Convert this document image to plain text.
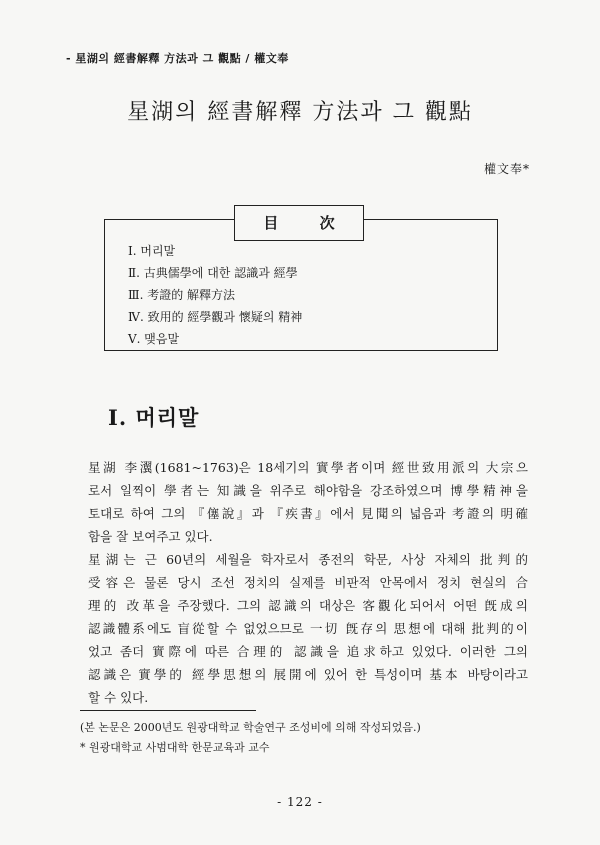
- 星湖의 經書解釋 方法과 그 觀點 / 權文奉
星湖의 經書解釋 方法과 그 觀點
權文奉*
目 次
Ⅰ. 머리말
Ⅱ. 古典儒學에 대한 認識과 經學
Ⅲ. 考證的 解釋方法
Ⅳ. 致用的 經學觀과 懷疑의 精神
Ⅴ. 맺음말
Ⅰ. 머리말

星湖 李瀷(1681~1763)은 18세기의 實學者이며 經世致用派의 大宗으
로서 일찍이 學者는 知識을 위주로 해야함을 강조하였으며 博學精神을
토대로 하여 그의 『僿說』과 『疾書』에서 見聞의 넓음과 考證의 明確
함을 잘 보여주고 있다.

星湖는 근 60년의 세월을 학자로서 종전의 학문, 사상 자체의 批判的
受容은 물론 당시 조선 정치의 실제를 비판적 안목에서 정치 현실의 合
理的 改革을 주장했다. 그의 認識의 대상은 客觀化되어서 어떤 旣成의
認識體系에도 盲從할 수 없었으므로 一切 旣存의 思想에 대해 批判的이
었고 좀더 實際에 따른 合理的 認識을 追求하고 있었다. 이러한 그의
認識은 實學的 經學思想의 展開에 있어 한 특성이며 基本 바탕이라고
할 수 있다.

(본 논문은 2000년도 원광대학교 학술연구 조성비에 의해 작성되었음.)
* 원광대학교 사범대학 한문교육과 교수
- 122 -
